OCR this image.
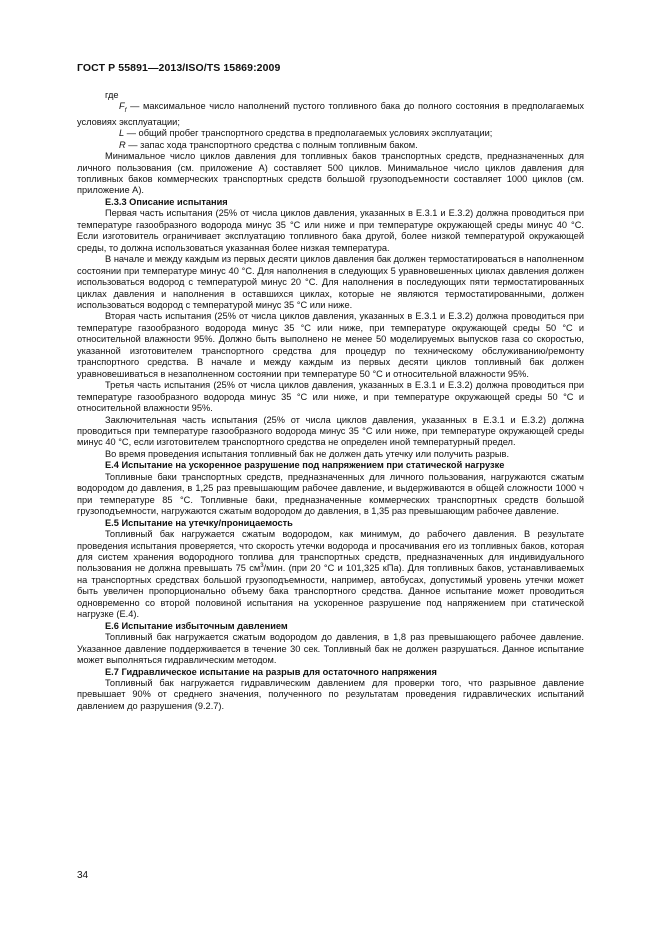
ГОСТ Р 55891—2013/ISO/TS 15869:2009

где

$F_f$ — максимальное число наполнений пустого топливного бака до полного состояния в предполагаемых условиях эксплуатации;

L — общий пробег транспортного средства в предполагаемых условиях эксплуатации;

R — запас хода транспортного средства с полным топливным баком.

Минимальное число циклов давления для топливных баков транспортных средств, предназначенных для личного пользования (см. приложение А) составляет 500 циклов. Минимальное число циклов давления для топливных баков коммерческих транспортных средств большой грузоподъемности составляет 1000 циклов (см. приложение А).

Е.3.3 Описание испытания

Первая часть испытания (25% от числа циклов давления, указанных в Е.3.1 и Е.3.2) должна проводиться при температуре газообразного водорода минус 35 °С или ниже и при температуре окружающей среды минус 40 °С. Если изготовитель ограничивает эксплуатацию топливного бака другой, более низкой температурой окружающей среды, то должна использоваться указанная более низкая температура.

В начале и между каждым из первых десяти циклов давления бак должен термостатироваться в наполненном состоянии при температуре минус 40 °С. Для наполнения в следующих 5 уравновешенных циклах давления должен использоваться водород с температурой минус 20 °С. Для наполнения в последующих пяти термостатированных циклах давления и наполнения в оставшихся циклах, которые не являются термостатированными, должен использоваться водород с температурой минус 35 °С или ниже.

Вторая часть испытания (25% от числа циклов давления, указанных в Е.3.1 и Е.3.2) должна проводиться при температуре газообразного водорода минус 35 °С или ниже, при температуре окружающей среды 50 °С и относительной влажности 95%. Должно быть выполнено не менее 50 моделируемых выпусков газа со скоростью, указанной изготовителем транспортного средства для процедур по техническому обслуживанию/ремонту транспортного средства. В начале и между каждым из первых десяти циклов топливный бак должен уравновешиваться в незаполненном состоянии при температуре 50 °С и относительной влажности 95%.

Третья часть испытания (25% от числа циклов давления, указанных в Е.3.1 и Е.3.2) должна проводиться при температуре газообразного водорода минус 35 °С или ниже, и при температуре окружающей среды 50 °С и относительной влажности 95%.

Заключительная часть испытания (25% от числа циклов давления, указанных в Е.3.1 и Е.3.2) должна проводиться при температуре газообразного водорода минус 35 °С или ниже, при температуре окружающей среды минус 40 °С, если изготовителем транспортного средства не определен иной температурный предел.

Во время проведения испытания топливный бак не должен дать утечку или получить разрыв.

Е.4 Испытание на ускоренное разрушение под напряжением при статической нагрузке

Топливные баки транспортных средств, предназначенных для личного пользования, нагружаются сжатым водородом до давления, в 1,25 раз превышающим рабочее давление, и выдерживаются в общей сложности 1000 ч при температуре 85 °С. Топливные баки, предназначенные коммерческих транспортных средств большой грузоподъемности, нагружаются сжатым водородом до давления, в 1,35 раз превышающим рабочее давление.

Е.5 Испытание на утечку/проницаемость

Топливный бак нагружается сжатым водородом, как минимум, до рабочего давления. В результате проведения испытания проверяется, что скорость утечки водорода и просачивания его из топливных баков, которая для систем хранения водородного топлива для транспортных средств, предназначенных для индивидуального пользования не должна превышать 75 $см^3$/мин. (при 20 °С и 101,325 кПа). Для топливных баков, устанавливаемых на транспортных средствах большой грузоподъемности, например, автобусах, допустимый уровень утечки может быть увеличен пропорционально объему бака транспортного средства. Данное испытание может проводиться одновременно со второй половиной испытания на ускоренное разрушение под напряжением при статической нагрузке (Е.4).

Е.6 Испытание избыточным давлением

Топливный бак нагружается сжатым водородом до давления, в 1,8 раз превышающего рабочее давление. Указанное давление поддерживается в течение 30 сек. Топливный бак не должен разрушаться. Данное испытание может выполняться гидравлическим методом.

Е.7 Гидравлическое испытание на разрыв для остаточного напряжения

Топливный бак нагружается гидравлическим давлением для проверки того, что разрывное давление превышает 90% от среднего значения, полученного по результатам проведения гидравлических испытаний давлением до разрушения (9.2.7).

34
